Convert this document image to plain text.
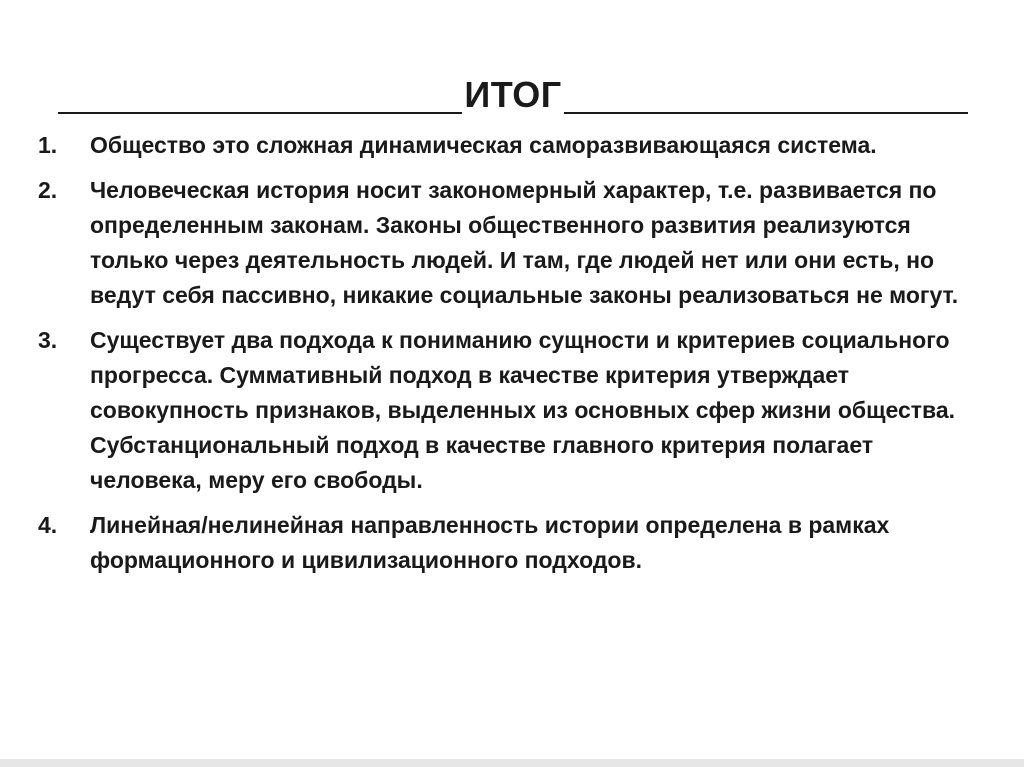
ИТОГ
1.	Общество это сложная динамическая саморазвивающаяся система.
2.	Человеческая история носит закономерный характер, т.е. развивается по определенным законам. Законы общественного развития реализуются только через деятельность людей. И там, где людей нет или они есть, но ведут себя пассивно, никакие социальные законы реализоваться не могут.
3.	Существует два подхода к пониманию сущности и критериев социального прогресса. Суммативный подход в качестве критерия утверждает совокупность признаков, выделенных из основных сфер жизни общества. Субстанциональный подход в качестве главного критерия полагает человека, меру его свободы.
4.	Линейная/нелинейная направленность истории определена в рамках формационного и цивилизационного подходов.
